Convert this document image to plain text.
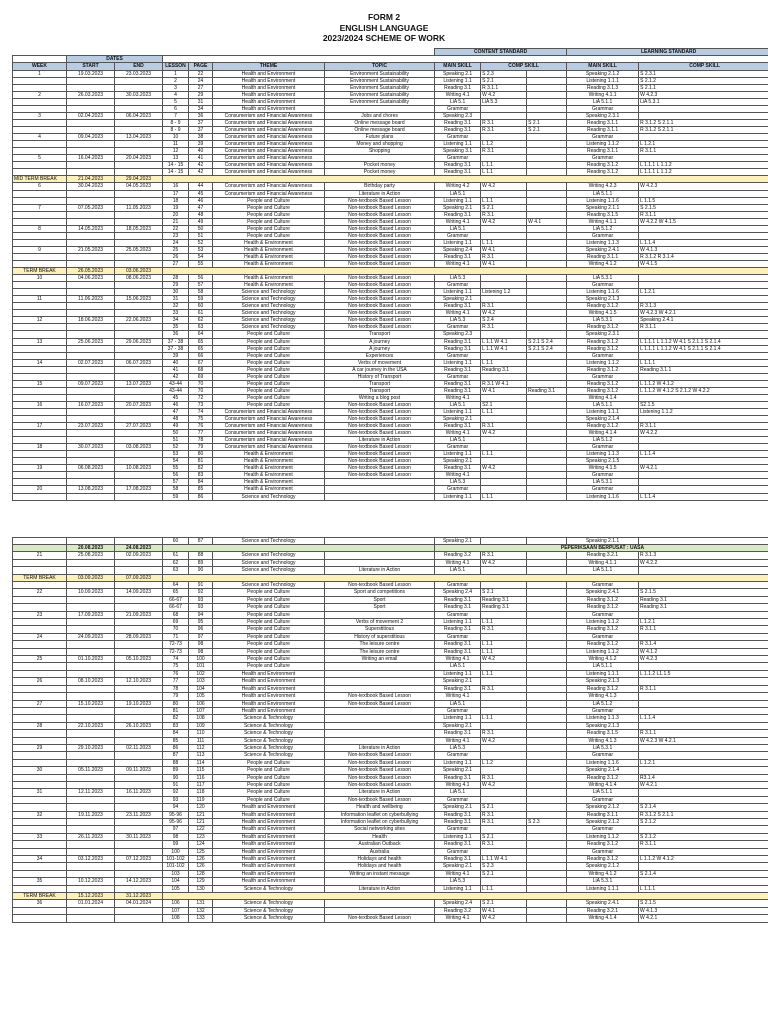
FORM 2
ENGLISH LANGUAGE
2023/2024 SCHEME OF WORK
							CONTENT STANDARD			LEARNING STANDARD	
	DATES										
WEEK	START	END	LESSON	PAGE	THEME	TOPIC	MAIN SKILL	COMP SKILL		MAIN SKILL	COMP SKILL
1	19.03.2023	23.03.2023	1	22	Health and Environment	Environment Sustainability	Speaking 2.1	S 2.3		Speaking 2.1.2	S 2.3.1
			2	24	Health and Environment	Environment Sustainability	Listening 1.1	S 2.1		Listening 1.1.1	S 2.1.2
			3	27	Health and Environment	Environment Sustainability	Reading 3.1	R 3.1.1		Reading 3.1.3	S 2.1.1
2	26.03.2023	30.03.2023	4	29	Health and Environment	Environment Sustainability	Writing 4.1	W 4.2		Writing 4.1.1	W 4.2.3
			5	31	Health and Environment	Environment Sustainability	LiA 5.1	LiA 5.3		LiA 5.1.1	LiA 5.3.1
			6	34	Health and Environment		Grammar			Grammar	
3	02.04.2023	06.04.2023	7	36	Consumerism and Financial Awareness	Jobs and chores	Speaking 2.3			Speaking 2.3.1	
			8 - 9	37	Consumerism and Financial Awareness	Online message board	Reading 3.1	R 3.1	S 2.1	Reading 3.1.1	R 3.1.2 S 2.1.1
			8 - 9	37	Consumerism and Financial Awareness	Online message board	Reading 3.1	R 3.1	S 2.1	Reading 3.1.1	R 3.1.2 S 2.1.1
4	09.04.2023	13.04.2023	10	38	Consumerism and Financial Awareness	Future plans	Grammar			Grammar	
			11	39	Consumerism and Financial Awareness	Money and shopping	Listening 1.1	L 1.2		Listening 1.1.2	L 1.2.1
			12	40	Consumerism and Financial Awareness	Shopping	Speaking 3.1	R 3.1		Reading 3.1.1	R 3.1.1
5	16.04.2023	20.04.2023	13	41	Consumerism and Financial Awareness		Grammar			Grammar	
			14 - 15	42	Consumerism and Financial Awareness	Pocket money	Reading 3.1	L 1.1		Reading 3.1.2	L 1.1.1 L 1.1.2
			14 - 15	42	Consumerism and Financial Awareness	Pocket money	Reading 3.1	L 1.1		Reading 3.1.2	L 1.1.1 L 1.1.2
MID TERM BREAK	21.04.2023	29.04.2023									
6	30.04.2023	04.05.2023	16	44	Consumerism and Financial Awareness	Birthday party	Writing 4.2	W 4.2		Writing 4.2.3	W 4.2.3
			17	45	Consumerism and Financial Awareness	Literature in Action	LiA 5.1			LiA 5.1.1	
			18	46	People and Culture	Non-textbook Based Lesson	Listening 1.1	L 1.1		Listening 1.1.6	L 1.1.5
7	07.05.2023	11.05.2023	19	47	People and Culture	Non-textbook Based Lesson	Speaking 2.1	S 2.1		Speaking 2.1.1	S 2.1.5
			20	48	People and Culture	Non-textbook Based Lesson	Reading 3.1	R 3.1		Reading 3.1.5	R 3.1.1
			21	49	People and Culture	Non-textbook Based Lesson	Writing 4.1	W 4.2	W 4.1	Writing 4.1.1	W 4.2.2 W 4.1.5
8	14.05.2023	18.05.2023	22	50	People and Culture	Non-textbook Based Lesson	LiA 5.1			LiA 5.1.2	
			23	51	People and Culture	Non-textbook Based Lesson	Grammar			Grammar	
			24	52	Health & Environment	Non-textbook Based Lesson	Listening 1.1	L 1.1		Listening 1.1.3	L 1.1.4
9	21.05.2023	25.05.2023	25	53	Health & Environment	Non-textbook Based Lesson	Speaking 2.4	W 4.1		Speaking 2.4.1	W 4.1.3
			26	54	Health & Environment	Non-textbook Based Lesson	Reading 3.1	R 3.1		Reading 3.1.1	R 3.1.2 R 3.1.4
			27	55	Health & Environment	Non-textbook Based Lesson	Writing 4.1	W 4.1		Writing 4.1.2	W 4.1.5
TERM BREAK	26.05.2023	03.06.2023									
10	04.06.2023	08.06.2023	28	56	Health & Environment	Non-textbook Based Lesson	LiA 5.3			LiA 5.3.1	
			29	57	Health & Environment	Non-textbook Based Lesson	Grammar			Grammar	
			30	58	Science and Technology	Non-textbook Based Lesson	Listening 1.1	Listening 1.2		Listening 1.1.6	L 1.2.1
11	11.06.2023	15.06.2023	31	59	Science and Technology	Non-textbook Based Lesson	Speaking 2.1			Speaking 2.1.3	
			32	60	Science and Technology	Non-textbook Based Lesson	Reading 3.1	R 3.1		Reading 3.1.2	R 3.1.3
			33	61	Science and Technology	Non-textbook Based Lesson	Writing 4.1	W 4.2		Writing 4.1.5	W 4.2.3 W 4.2.1
12	18.06.2023	22.06.2023	34	62	Science and Technology	Non-textbook Based Lesson	LiA 5.3	S 2.4		LiA 5.3.1	Speaking 2.4.1
			35	63	Science and Technology	Non-textbook Based Lesson	Grammar	R 3.1		Reading 3.1.2	R 3.1.1
			36	64	People and Culture	Transport	Speaking 2.3			Speaking 2.3.1	
13	25.06.2023	29.06.2023	37 - 38	65	People and Culture	A journey	Reading 3.1	L 1.1 W 4.1	S 2.1 S 2.4	Reading 3.1.2	L 1.1.1 L 1.1.2 W 4.1 S 2.1.1 S 2.1.4
			37 - 38	65	People and Culture	A journey	Reading 3.1	L 1.1 W 4.1	S 2.1 S 2.4	Reading 3.1.2	L 1.1.1 L 1.1.2 W 4.1 S 2.1.1 S 2.1.4
			39	66	People and Culture	Experiences	Grammar			Grammar	
14	02.07.2023	06.07.2023	40	67	People and Culture	Verbs of movement	Listening 1.1	L 1.1		Listening 1.1.2	L 1.1.1
			41	68	People and Culture	A car journey in the USA	Reading 3.1	Reading 3.1		Reading 3.1.2	Reading 3.1.1
			42	69	People and Culture	History of Transport	Grammar			Grammar	
15	09.07.2023	13.07.2023	43-44	70	People and Culture	Transport	Reading 3.1	R 3.1 W 4.1		Reading 3.1.2	L 1.1.2 W 4.1.2
			43-44	70	People and Culture	Transport	Reading 3.1	W 4.1	Reading 3.1	Reading 3.1.2	L 1.1.2 W 4.1.2 S 2.1.2 W 4.2.2
			45	72	People and Culture	Writing a blog post	Writing 4.1			Writing 4.1.4	
16	16.07.2023	20.07.2023	46	73	People and Culture	Non-textbook Based Lesson	LiA 5.1	S2.1		LiA 5.1.1	S2.1.5
			47	74	Consumerism and Financial Awareness	Non-textbook Based Lesson	Listening 1.1	L 1.1		Listening 1.1.1	Listening 1.1.2
			48	75	Consumerism and Financial Awareness	Non-textbook Based Lesson	Speaking 2.1			Speaking 2.1.4	
17	23.07.2023	27.07.2023	49	76	Consumerism and Financial Awareness	Non-textbook Based Lesson	Reading 3.1	R 3.1		Reading 3.1.2	R 3.1.1
			50	77	Consumerism and Financial Awareness	Non-textbook Based Lesson	Writing 4.1	W 4.2		Writing 4.1.4	W 4.2.2
			51	78	Consumerism and Financial Awareness	Literature in Action	LiA 5.1			LiA 5.1.2	
18	30.07.2023	03.08.2023	52	79	Consumerism and Financial Awareness	Non-textbook Based Lesson	Grammar			Grammar	
			53	80	Health & Environment	Non-textbook Based Lesson	Listening 1.1	L 1.1		Listening 1.1.3	L 1.1.4
			54	81	Health & Environment	Non-textbook Based Lesson	Speaking 2.1			Speaking 2.1.5	
19	06.08.2023	10.08.2023	55	82	Health & Environment	Non-textbook Based Lesson	Reading 3.1	W 4.2		Writing 4.1.5	W 4.2.1
			56	83	Health & Environment	Non-textbook Based Lesson	Writing 4.1			Grammar	
			57	84	Health & Environment		LiA 5.3			LiA 5.3.1	
20	13.08.2023	17.08.2023	58	85	Health & Environment		Grammar			Grammar	
			59	86	Science and Technology		Listening 1.1	L 1.1		Listening 1.1.6	L 1.1.4
			60	87	Science and Technology		Speaking 2.1			Speaking 2.1.1	
	20.08.2023	24.08.2023					PEPERIKSAAN BERPUSAT : UASA				
21	25.08.2023	02.09.2023	61	88	Science and Technology		Reading 3.2	R 3.1		Reading 3.2.1	R 3.1.3
			62	89	Science and Technology		Writing 4.1	W 4.2		Writing 4.1.1	W 4.2.2
			63	90	Science and Technology	Literature in Action	LiA 5.1			LiA 5.1.1	
TERM BREAK	03.09.2023	07.09.2023									
			64	91	Science and Technology	Non-textbook Based Lesson	Grammar			Grammar	
22	10.09.2023	14.09.2023	65	92	People and Culture	Sport and competitions	Speaking 2.4	S 2.1		Speaking 2.4.1	S 2.1.5
			66-67	93	People and Culture	Sport	Reading 3.1	Reading 3.1		Reading 3.1.2	Reading 3.1
			66-67	93	People and Culture	Sport	Reading 3.1	Reading 3.1		Reading 3.1.2	Reading 3.1
23	17.09.2023	21.09.2023	68	94	People and Culture		Grammar			Grammar	
			69	95	People and Culture	Verbs of movement 2	Listening 1.1	L 1.1		Listening 1.1.2	L 1.2.1
			70	96	People and Culture	Superstitious	Reading 3.1	R 3.1		Reading 3.1.2	R 3.1.1
24	24.09.2023	28.09.2023	71	97	People and Culture	History of superstitious	Grammar			Grammar	
			72-73	98	People and Culture	The leisure centre	Reading 3.1	L 1.1		Reading 3.1.2	R 3.1.4
			72-73	98	People and Culture	The leisure centre	Reading 3.1	L 1.1		Listening 1.1.2	W 4.1.2
25	01.10.2023	05.10.2023	74	100	People and Culture	Writing an email	Writing 4.1	W 4.2		Writing 4.1.2	W 4.2.3
			75	101	People and Culture		LiA 5.1			LiA 5.1.1	
			76	102	Health and Environment		Listening 1.1	L 1.1		Listening 1.1.1	L 1.1.2 L1.1.5
26	08.10.2023	12.10.2023	77	103	Health and Environment		Speaking 2.1			Speaking 2.1.3	
			78	104	Health and Environment		Reading 3.1	R 3.1		Reading 3.1.2	R 3.1.1
			79	105	Health and Environment	Non-textbook Based Lesson	Writing 4.1			Writing 4.1.3	
27	15.10.2023	19.10.2023	80	106	Health and Environment	Non-textbook Based Lesson	LiA 5.1			LiA 5.1.2	
			81	107	Health and Environment		Grammar			Grammar	
			82	108	Science & Technology		Listening 1.1	L 1.1		Listening 1.1.3	L 1.1.4
28	22.10.2023	26.10.2023	83	109	Science & Technology		Speaking 2.1			Speaking 2.1.3	
			84	110	Science & Technology		Reading 3.1	R 3.1		Reading 3.1.5	R 3.1.1
			85	111	Science & Technology		Writing 4.1	W 4.2		Writing 4.1.3	W 4.2.3 W 4.2.1
29	29.10.2023	02.11.2023	86	112	Science & Technology	Literature in Action	LiA 5.3			LiA 5.3.1	
			87	113	Science & Technology	Non-textbook Based Lesson	Grammar			Grammar	
			88	114	People and Culture	Non-textbook Based Lesson	Listening 1.1	L 1.2		Listening 1.1.6	L 1.2.1
30	05.11.2023	09.11.2023	89	115	People and Culture	Non-textbook Based Lesson	Speaking 2.1			Speaking 2.1.4	
			90	116	People and Culture	Non-textbook Based Lesson	Reading 3.1	R 3.1		Reading 3.1.2	R3.1.4
			91	117	People and Culture	Non-textbook Based Lesson	Writing 4.1	W 4.2		Writing 4.1.4	W 4.2.1
31	12.11.2023	16.11.2023	92	118	People and Culture	Literature in Action	LiA 5.1			LiA 5.1.1	
			93	119	People and Culture	Non-textbook Based Lesson	Grammar			Grammar	
			94	120	Health and Environment	Health and wellbeing	Speaking 2.1	S 2.1		Speaking 2.1.2	S 2.1.4
32	19.11.2023	23.11.2023	95-96	121	Health and Environment	Information leaflet on cyberbullying	Reading 3.1	R 3.1		Reading 3.1.1	R 3.1.2 S 2.1.1
			95-96	121	Health and Environment	Information leaflet on cyberbullying	Reading 3.1	R 3.1	S 2.3	Speaking 2.1.2	S 2.1.2
			97	122	Health and Environment	Social networking sites	Grammar			Grammar	
33	26.11.2023	30.11.2023	98	123	Health and Environment	Health	Listening 1.1	S 2.1		Listening 1.1.2	S 2.1.2
			99	124	Health and Environment	Australian Outback	Reading 3.1	R 3.1		Reading 3.1.2	R 3.1.1
			100	125	Health and Environment	Australia	Grammar			Grammar	
34	03.12.2023	07.12.2023	101-102	126	Health and Environment	Holidays and health	Reading 3.1	L 1.1 W 4.1		Reading 3.1.2	L 1.1.2 W 4.1.2
			101-102	126	Health and Environment	Holidays and health	Speaking 2.1	S 2.3		Speaking 2.1.2	
			103	128	Health and Environment	Writing an instant message	Writing 4.1	S 2.1		Writing 4.1.2	S 2.1.4
35	10.12.2023	14.12.2023	104	129	Health and Environment		LiA 5.3			LiA 5.3.1	
			105	130	Science & Technology	Literature in Action	Listening 1.1	L 1.1		Listening 1.1.1	L 1.1.1
TERM BREAK	15.12.2023	31.12.2023									
36	01.01.2024	04.01.2024	106	131	Science & Technology		Speaking 2.4	S 2.1		Speaking 2.4.1	S 2.1.5
			107	132	Science & Technology		Reading 3.2	W 4.1		Reading 3.2.1	W 4.1.3
			108	133	Science & Technology	Non-textbook Based Lesson	Writing 4.1	W 4.2		Writing 4.1.4	W 4.2.1
